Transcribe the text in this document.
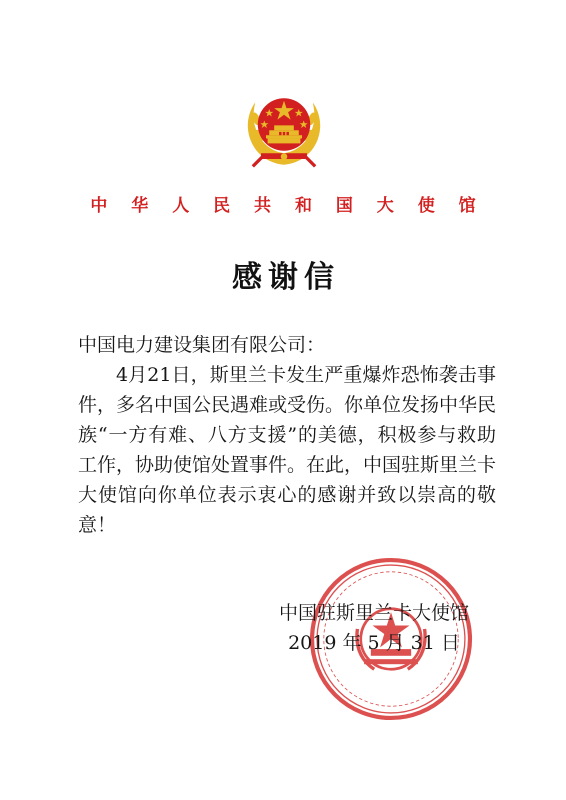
中 华 人 民 共 和 国 大 使 馆
感谢信
中国电力建设集团有限公司：

4月21日，斯里兰卡发生严重爆炸恐怖袭击事件，多名中国公民遇难或受伤。你单位发扬中华民族“一方有难、八方支援”的美德，积极参与救助工作，协助使馆处置事件。在此，中国驻斯里兰卡大使馆向你单位表示衷心的感谢并致以崇高的敬意！

中国驻斯里兰卡大使馆
2019 年 5 月 31 日
